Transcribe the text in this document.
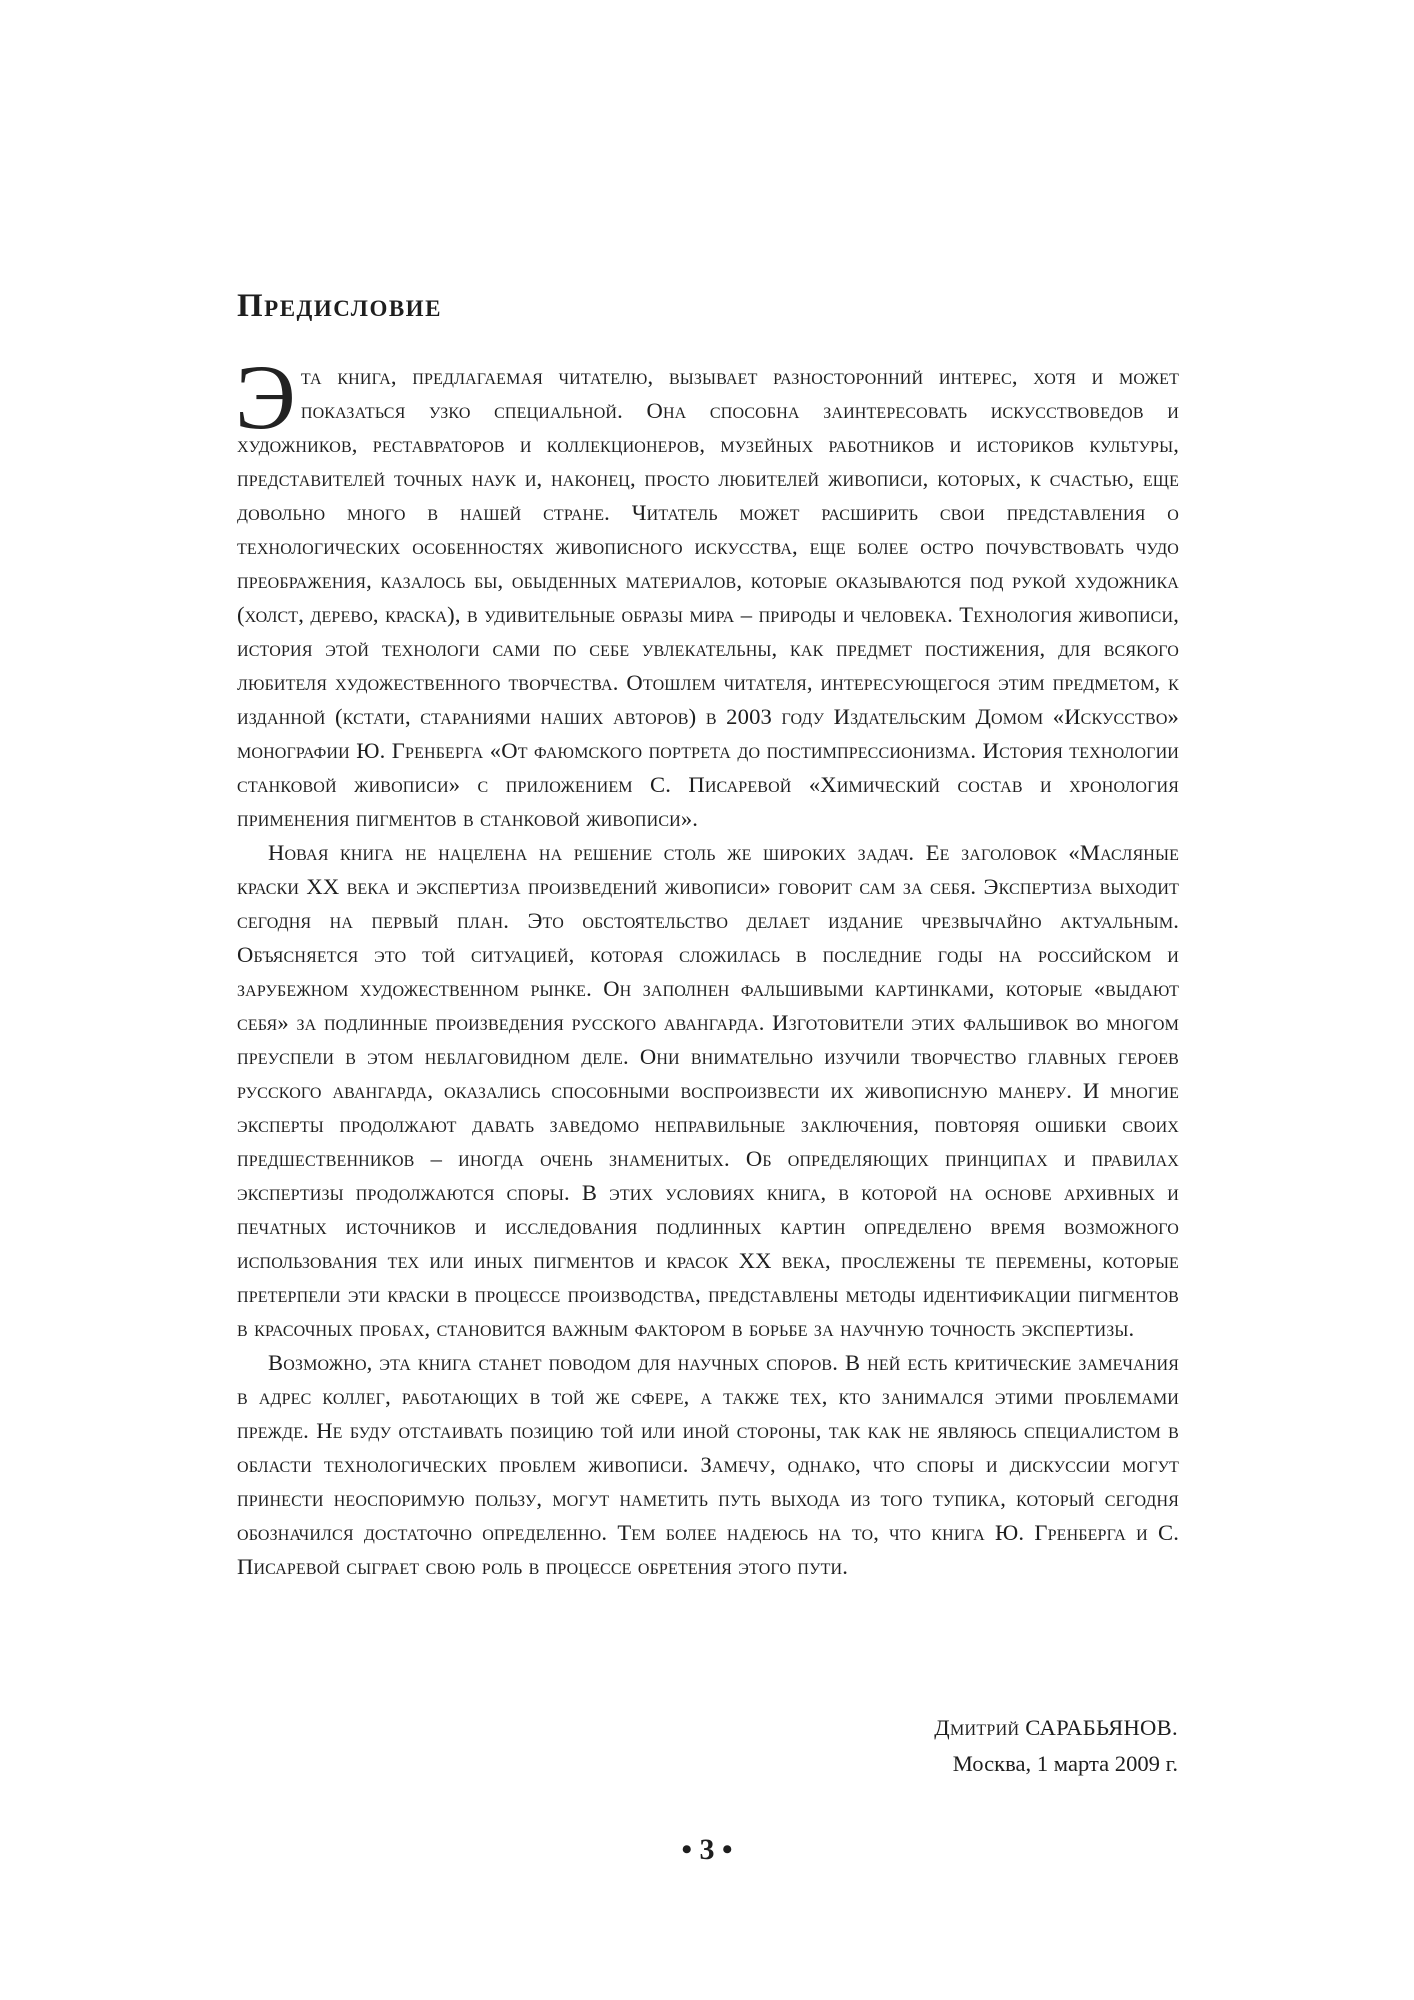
Предисловие

Эта книга, предлагаемая читателю, вызывает разносторонний интерес, хотя и может показаться узко специальной. Она способна заинтересовать искусствоведов и художников, реставраторов и коллекционеров, музейных работников и историков культуры, представителей точных наук и, наконец, просто любителей живописи, которых, к счастью, еще довольно много в нашей стране. Читатель может расширить свои представления о технологических особенностях живописного искусства, еще более остро почувствовать чудо преображения, казалось бы, обыденных материалов, которые оказываются под рукой художника (холст, дерево, краска), в удивительные образы мира – природы и человека. Технология живописи, история этой технологи сами по себе увлекательны, как предмет постижения, для всякого любителя художественного творчества. Отошлем читателя, интересующегося этим предметом, к изданной (кстати, стараниями наших авторов) в 2003 году Издательским Домом «Искусство» монографии Ю. Гренберга «От фаюмского портрета до постимпрессионизма. История технологии станковой живописи» с приложением С. Писаревой «Химический состав и хронология применения пигментов в станковой живописи».

Новая книга не нацелена на решение столь же широких задач. Ее заголовок «Масляные краски XX века и экспертиза произведений живописи» говорит сам за себя. Экспертиза выходит сегодня на первый план. Это обстоятельство делает издание чрезвычайно актуальным. Объясняется это той ситуацией, которая сложилась в последние годы на российском и зарубежном художественном рынке. Он заполнен фальшивыми картинками, которые «выдают себя» за подлинные произведения русского авангарда. Изготовители этих фальшивок во многом преуспели в этом неблаговидном деле. Они внимательно изучили творчество главных героев русского авангарда, оказались способными воспроизвести их живописную манеру. И многие эксперты продолжают давать заведомо неправильные заключения, повторяя ошибки своих предшественников – иногда очень знаменитых. Об определяющих принципах и правилах экспертизы продолжаются споры. В этих условиях книга, в которой на основе архивных и печатных источников и исследования подлинных картин определено время возможного использования тех или иных пигментов и красок XX века, прослежены те перемены, которые претерпели эти краски в процессе производства, представлены методы идентификации пигментов в красочных пробах, становится важным фактором в борьбе за научную точность экспертизы.

Возможно, эта книга станет поводом для научных споров. В ней есть критические замечания в адрес коллег, работающих в той же сфере, а также тех, кто занимался этими проблемами прежде. Не буду отстаивать позицию той или иной стороны, так как не являюсь специалистом в области технологических проблем живописи. Замечу, однако, что споры и дискуссии могут принести неоспоримую пользу, могут наметить путь выхода из того тупика, который сегодня обозначился достаточно определенно. Тем более надеюсь на то, что книга Ю. Гренберга и С. Писаревой сыграет свою роль в процессе обретения этого пути.

Дмитрий САРАБЬЯНОВ.
Москва, 1 марта 2009 г.
• 3 •
